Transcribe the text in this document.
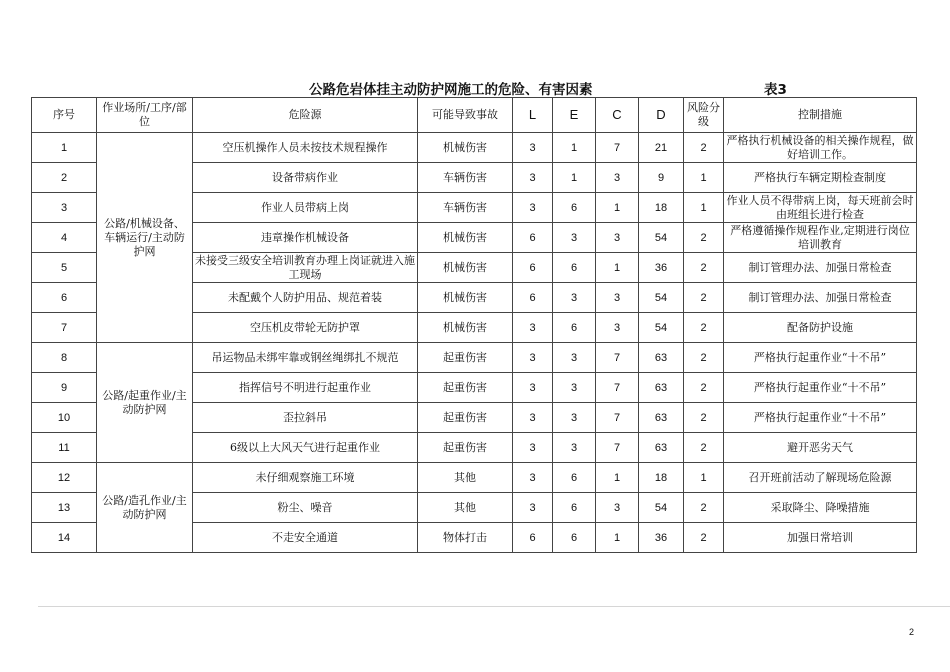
公路危岩体挂主动防护网施工的危险、有害因素	表3
序号	作业场所/工序/部位	危险源	可能导致事故	L	E	C	D	风险分级	控制措施
1	公路/机械设备、车辆运行/主动防护网	空压机操作人员未按技术规程操作	机械伤害	3	1	7	21	2	严格执行机械设备的相关操作规程，做好培训工作。
2		设备带病作业	车辆伤害	3	1	3	9	1	严格执行车辆定期检查制度
3		作业人员带病上岗	车辆伤害	3	6	1	18	1	作业人员不得带病上岗，每天班前会时由班组长进行检查
4		违章操作机械设备	机械伤害	6	3	3	54	2	严格遵循操作规程作业,定期进行岗位培训教育
5		未接受三级安全培训教育办理上岗证就进入施工现场	机械伤害	6	6	1	36	2	制订管理办法、加强日常检查
6		未配戴个人防护用品、规范着装	机械伤害	6	3	3	54	2	制订管理办法、加强日常检查
7		空压机皮带轮无防护罩	机械伤害	3	6	3	54	2	配备防护设施
8	公路/起重作业/主动防护网	吊运物品未绑牢靠或钢丝绳绑扎不规范	起重伤害	3	3	7	63	2	严格执行起重作业“十不吊”
9		指挥信号不明进行起重作业	起重伤害	3	3	7	63	2	严格执行起重作业“十不吊”
10		歪拉斜吊	起重伤害	3	3	7	63	2	严格执行起重作业“十不吊”
11		6级以上大风天气进行起重作业	起重伤害	3	3	7	63	2	避开恶劣天气
12	公路/造孔作业/主动防护网	未仔细观察施工环境	其他	3	6	1	18	1	召开班前活动了解现场危险源
13		粉尘、噪音	其他	3	6	3	54	2	采取降尘、降噪措施
14		不走安全通道	物体打击	6	6	1	36	2	加强日常培训
2
